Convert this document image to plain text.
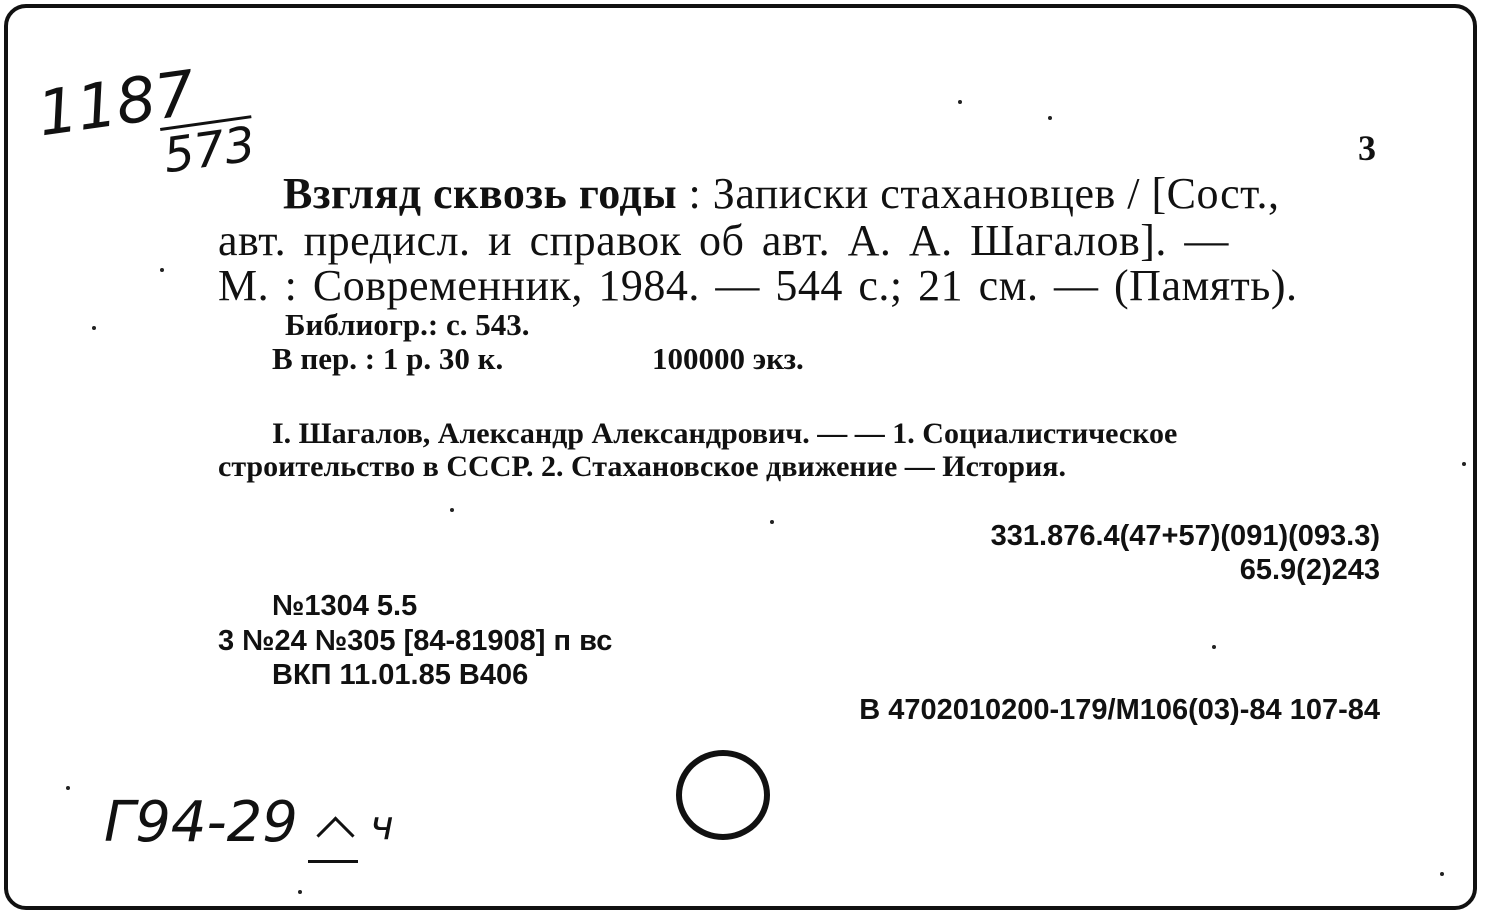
1187
573	3
Взгляд сквозь годы : Записки стахановцев / [Сост.,
авт. предисл. и справок об авт. А. А. Шагалов]. —
М. : Современник, 1984. — 544 с.; 21 см. — (Память).
Библиогр.: с. 543.
В пер. : 1 р. 30 к.	100000 экз.
I. Шагалов, Александр Александрович. — — 1. Социалистическое
строительство в СССР. 2. Стахановское движение — История.
331.876.4(47+57)(091)(093.3)
65.9(2)243
№1304 5.5
3 №24 №305 [84-81908] п вс
ВКП 11.01.85 В406
В 4702010200-179/М106(03)-84 107-84
Г94-29 ч
